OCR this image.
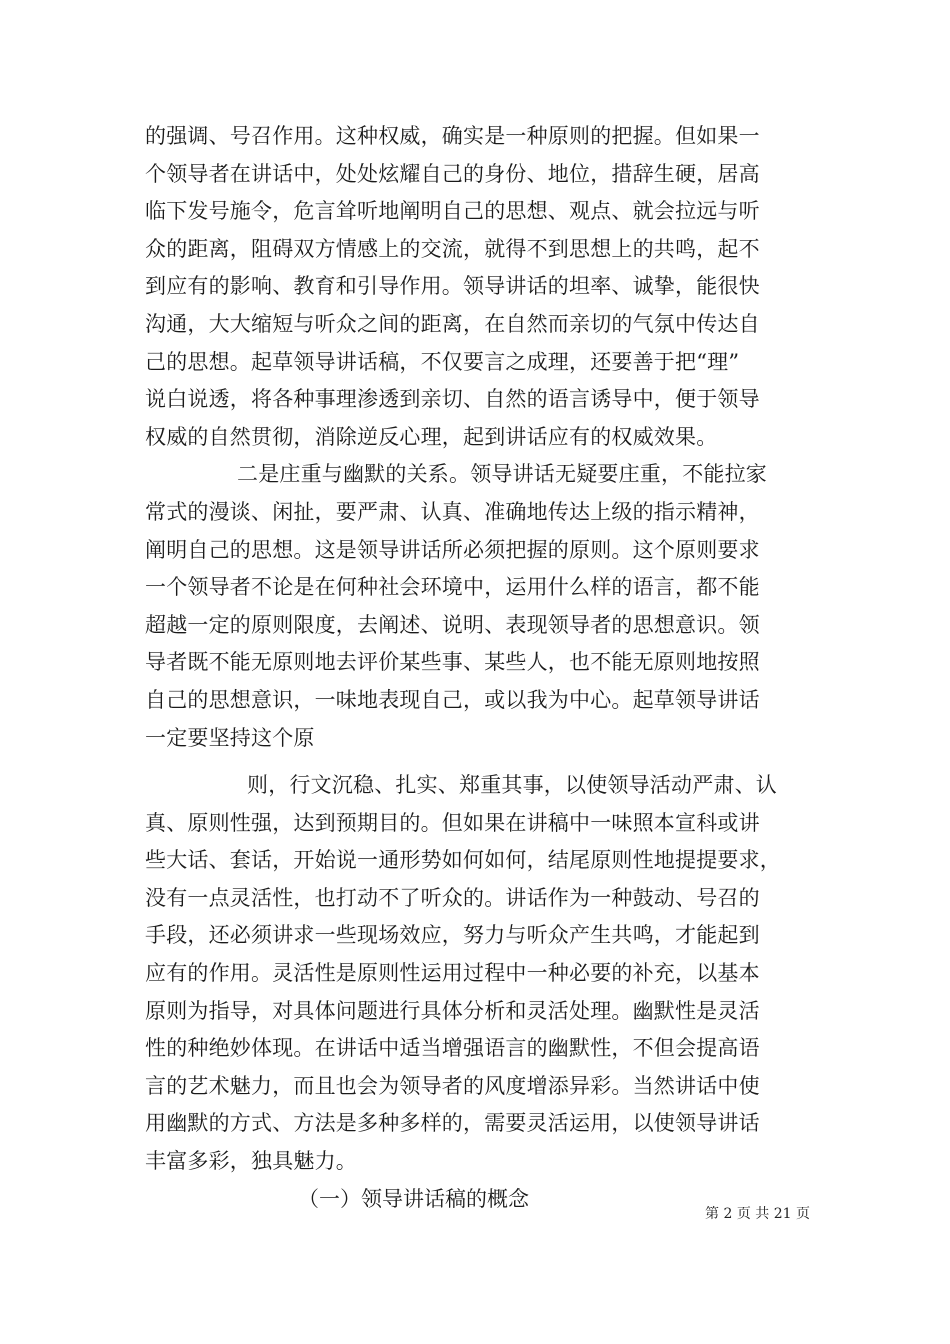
的强调、号召作用。这种权威，确实是一种原则的把握。但如果一
个领导者在讲话中，处处炫耀自己的身份、地位，措辞生硬，居高
临下发号施令，危言耸听地阐明自己的思想、观点、就会拉远与听
众的距离，阻碍双方情感上的交流，就得不到思想上的共鸣，起不
到应有的影响、教育和引导作用。领导讲话的坦率、诚挚，能很快
沟通，大大缩短与听众之间的距离，在自然而亲切的气氛中传达自
己的思想。起草领导讲话稿，不仅要言之成理，还要善于把“理”
说白说透，将各种事理渗透到亲切、自然的语言诱导中，便于领导
权威的自然贯彻，消除逆反心理，起到讲话应有的权威效果。
二是庄重与幽默的关系。领导讲话无疑要庄重，不能拉家
常式的漫谈、闲扯，要严肃、认真、准确地传达上级的指示精神，
阐明自己的思想。这是领导讲话所必须把握的原则。这个原则要求
一个领导者不论是在何种社会环境中，运用什么样的语言，都不能
超越一定的原则限度，去阐述、说明、表现领导者的思想意识。领
导者既不能无原则地去评价某些事、某些人，也不能无原则地按照
自己的思想意识，一味地表现自己，或以我为中心。起草领导讲话
一定要坚持这个原
则，行文沉稳、扎实、郑重其事，以使领导活动严肃、认
真、原则性强，达到预期目的。但如果在讲稿中一味照本宣科或讲
些大话、套话，开始说一通形势如何如何，结尾原则性地提提要求，
没有一点灵活性，也打动不了听众的。讲话作为一种鼓动、号召的
手段，还必须讲求一些现场效应，努力与听众产生共鸣，才能起到
应有的作用。灵活性是原则性运用过程中一种必要的补充，以基本
原则为指导，对具体问题进行具体分析和灵活处理。幽默性是灵活
性的种绝妙体现。在讲话中适当增强语言的幽默性，不但会提高语
言的艺术魅力，而且也会为领导者的风度增添异彩。当然讲话中使
用幽默的方式、方法是多种多样的，需要灵活运用，以使领导讲话
丰富多彩，独具魅力。
（一）领导讲话稿的概念
第 2 页 共 21 页
